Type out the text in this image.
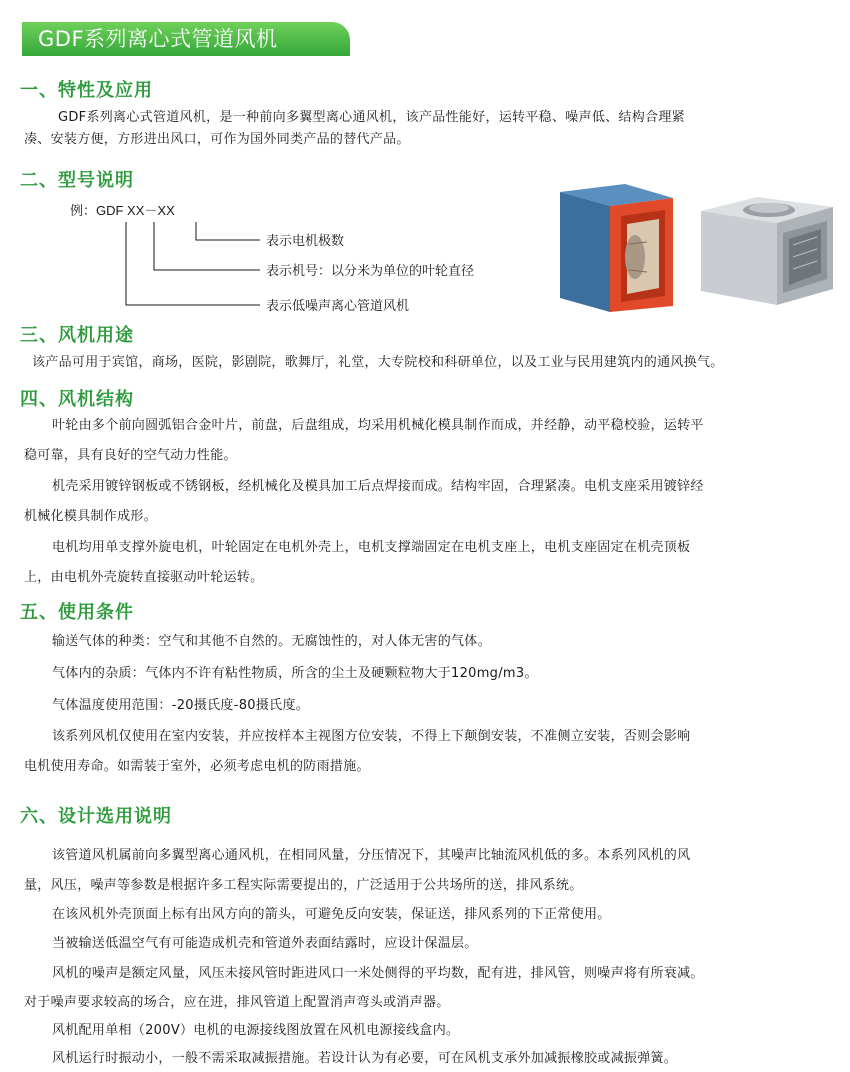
GDF系列离心式管道风机
一、特性及应用

GDF系列离心式管道风机，是一种前向多翼型离心通风机，该产品性能好，运转平稳、噪声低、结构合理紧

凑、安装方便，方形进出风口，可作为国外同类产品的替代产品。

二、型号说明
例：GDF XX－XX
表示电机极数
表示机号：以分米为单位的叶轮直径
表示低噪声离心管道风机
三、风机用途

该产品可用于宾馆，商场，医院，影剧院，歌舞厅，礼堂，大专院校和科研单位，以及工业与民用建筑内的通风换气。

四、风机结构

叶轮由多个前向圆弧铝合金叶片，前盘，后盘组成，均采用机械化模具制作而成，并经静，动平稳校验，运转平

稳可靠，具有良好的空气动力性能。

机壳采用镀锌钢板或不锈钢板，经机械化及模具加工后点焊接而成。结构牢固，合理紧凑。电机支座采用镀锌经

机械化模具制作成形。

电机均用单支撑外旋电机，叶轮固定在电机外壳上，电机支撑端固定在电机支座上，电机支座固定在机壳顶板

上，由电机外壳旋转直接驱动叶轮运转。

五、使用条件

输送气体的种类：空气和其他不自然的。无腐蚀性的，对人体无害的气体。

气体内的杂质：气体内不许有粘性物质，所含的尘土及硬颗粒物大于120mg/m3。

气体温度使用范围：-20摄氏度-80摄氏度。

该系列风机仅使用在室内安装，并应按样本主视图方位安装，不得上下颠倒安装，不准侧立安装，否则会影响

电机使用寿命。如需装于室外，必须考虑电机的防雨措施。

六、设计选用说明

该管道风机属前向多翼型离心通风机，在相同风量，分压情况下，其噪声比轴流风机低的多。本系列风机的风

量，风压，噪声等参数是根据许多工程实际需要提出的，广泛适用于公共场所的送，排风系统。

在该风机外壳顶面上标有出风方向的箭头，可避免反向安装，保证送，排风系列的下正常使用。

当被输送低温空气有可能造成机壳和管道外表面结露时，应设计保温层。

风机的噪声是额定风量，风压未接风管时距进风口一米处侧得的平均数，配有进，排风管，则噪声将有所衰减。

对于噪声要求较高的场合，应在进，排风管道上配置消声弯头或消声器。

风机配用单相（200V）电机的电源接线图放置在风机电源接线盒内。

风机运行时振动小，一般不需采取减振措施。若设计认为有必要，可在风机支承外加减振橡胶或减振弹簧。
